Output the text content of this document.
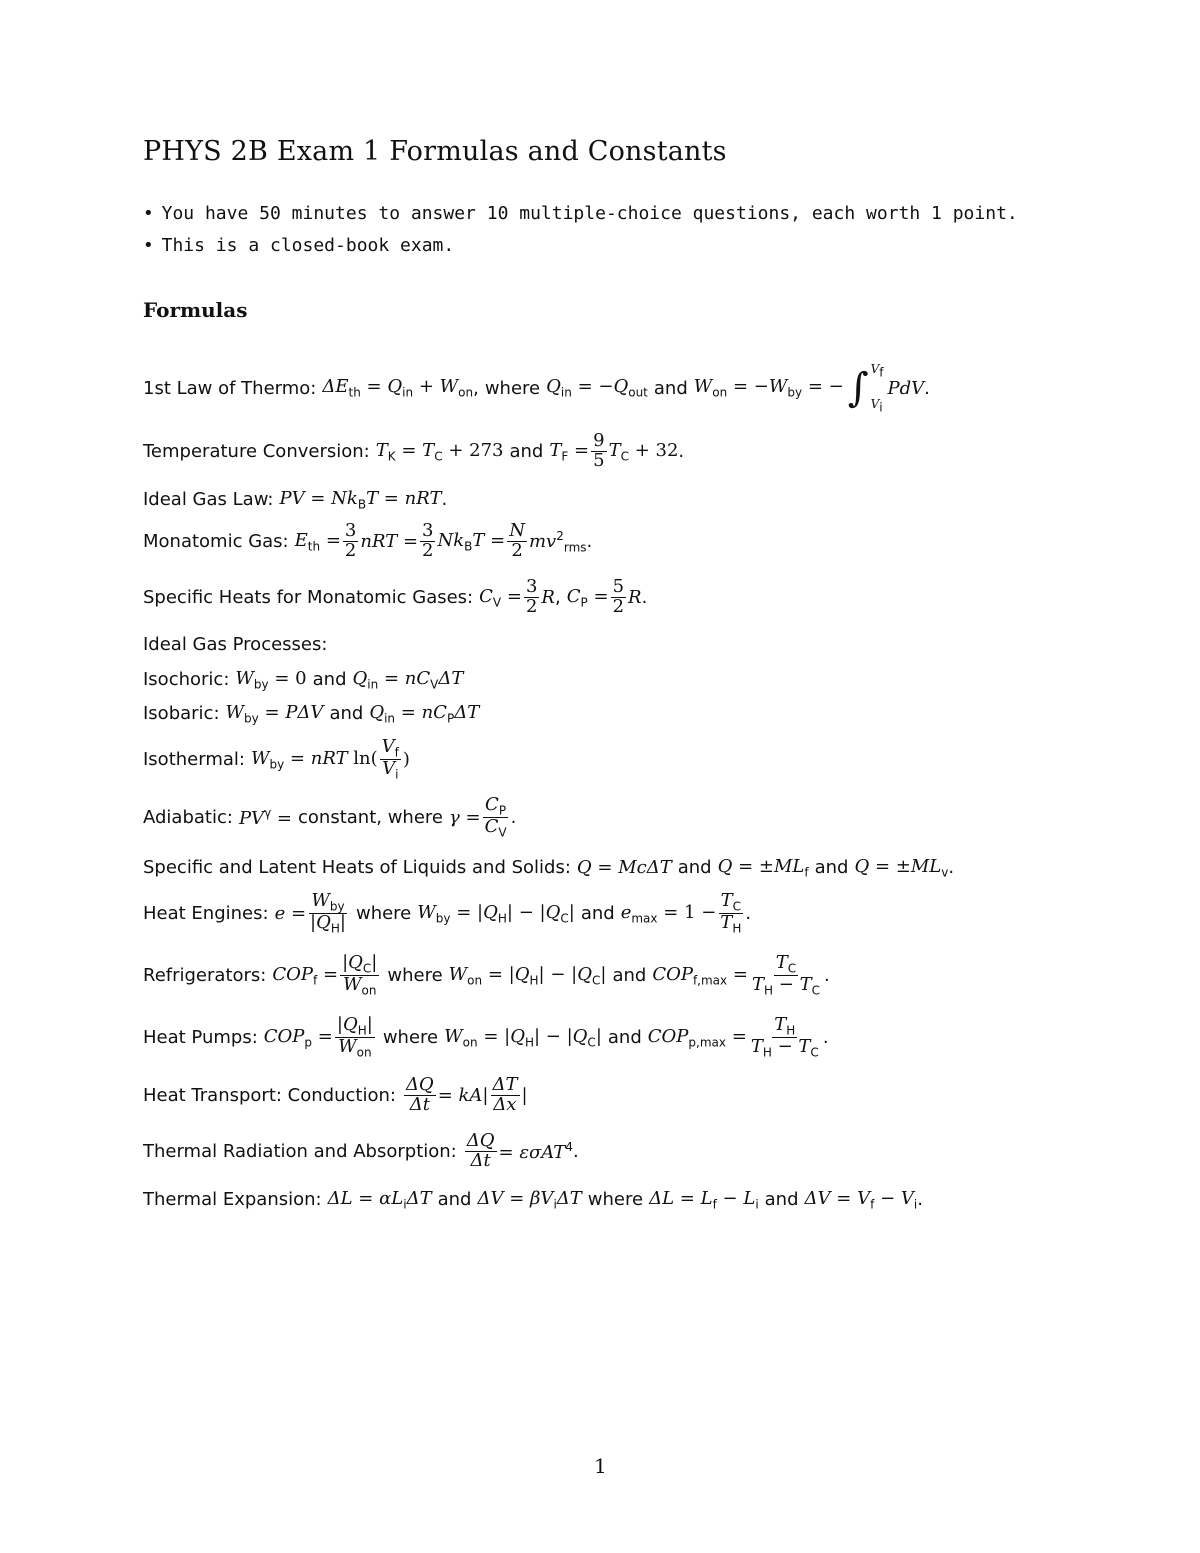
PHYS 2B Exam 1 Formulas and Constants
• You have 50 minutes to answer 10 multiple-choice questions, each worth 1 point.
• This is a closed-book exam.
Formulas
1st Law of Thermo: $\Delta E_{th} = Q_{in} + W_{on}$ , where $Q_{in} = -Q_{out}$ and $W_{on} = -W_{by}$ = − ∫ $V_f$
$V_i$
PdV .
Temperature Conversion: $T_K = T_C + 273$ and $T_F = \frac{9}{5} T_C + 32$ .
Ideal Gas Law: PV = $Nk_BT$ = nRT .
Monatomic Gas: $E_{th} = \frac{3}{2}$ nRT = $\frac{3}{2} Nk_BT = \frac{N}{2} mv^2_{rms}$ .
Specific Heats for Monatomic Gases: $C_V = \frac{3}{2}$ R , $C_P = \frac{5}{2}$ R .
Ideal Gas Processes:
Isochoric: $W_{by} = 0$ and $Q_{in} = nC_V\Delta T$
Isobaric: $W_{by} = P\Delta V$ and $Q_{in} = nC_P\Delta T$
Isothermal: $W_{by}$ = nRT $\ln( \frac{V_f}{V_i}$ )
Adiabatic: $PV^\gamma$ = constant, where $\gamma = \frac{C_P}{C_V}$ .
Specific and Latent Heats of Liquids and Solids: Q = McΔT and $Q = \pm ML_f$ and $Q = \pm ML_v$ .
Heat Engines: $e = \frac{W_{by}}{|Q_H|}$ where $W_{by} = |Q_H| - |Q_C|$ and $e_{max} = 1 - \frac{T_C}{T_H}$ .
Refrigerators: $COP_f = \frac{|Q_C|}{W_{on}}$ where $W_{on} = |Q_H| - |Q_C|$ and $COP_{f,max} = \frac{T_C}{T_H - T_C}$ .
Heat Pumps: $COP_p = \frac{|Q_H|}{W_{on}}$ where $W_{on} = |Q_H| - |Q_C|$ and $COP_{p,max} = \frac{T_H}{T_H - T_C}$ .
Heat Transport: Conduction: $\frac{\Delta Q}{\Delta t} = kA| \frac{\Delta T}{\Delta x}$ |
Thermal Radiation and Absorption: $\frac{\Delta Q}{\Delta t} = \varepsilon\sigma AT^4$ .
Thermal Expansion: $\Delta L = \alpha L_i\Delta T$ and $\Delta V = \beta V_i\Delta T$ where $\Delta L = L_f - L_i$ and $\Delta V = V_f - V_i$ .
1
